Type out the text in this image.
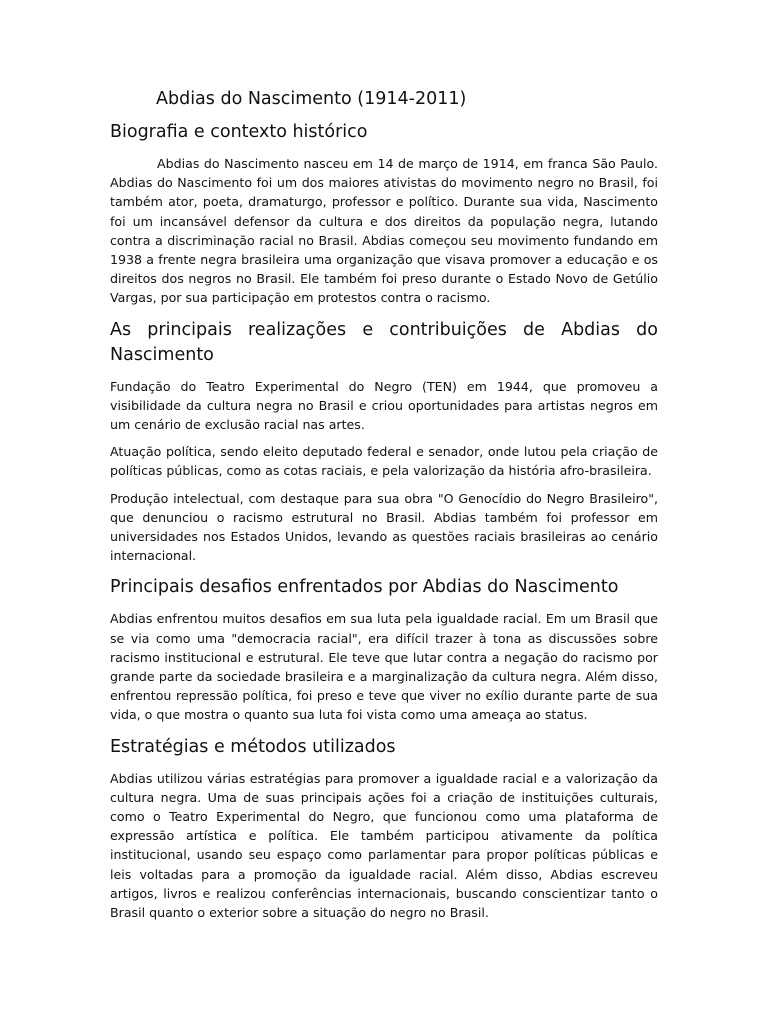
Abdias do Nascimento (1914-2011)
Biografia e contexto histórico

Abdias do Nascimento nasceu em 14 de março de 1914, em franca São Paulo. Abdias do Nascimento foi um dos maiores ativistas do movimento negro no Brasil, foi também ator, poeta, dramaturgo, professor e político. Durante sua vida, Nascimento foi um incansável defensor da cultura e dos direitos da população negra, lutando contra a discriminação racial no Brasil. Abdias começou seu movimento fundando em 1938 a frente negra brasileira uma organização que visava promover a educação e os direitos dos negros no Brasil. Ele também foi preso durante o Estado Novo de Getúlio Vargas, por sua participação em protestos contra o racismo.

As principais realizações e contribuições de Abdias do Nascimento

Fundação do Teatro Experimental do Negro (TEN) em 1944, que promoveu a visibilidade da cultura negra no Brasil e criou oportunidades para artistas negros em um cenário de exclusão racial nas artes.

Atuação política, sendo eleito deputado federal e senador, onde lutou pela criação de políticas públicas, como as cotas raciais, e pela valorização da história afro-brasileira.

Produção intelectual, com destaque para sua obra "O Genocídio do Negro Brasileiro", que denunciou o racismo estrutural no Brasil. Abdias também foi professor em universidades nos Estados Unidos, levando as questões raciais brasileiras ao cenário internacional.

Principais desafios enfrentados por Abdias do Nascimento

Abdias enfrentou muitos desafios em sua luta pela igualdade racial. Em um Brasil que se via como uma "democracia racial", era difícil trazer à tona as discussões sobre racismo institucional e estrutural. Ele teve que lutar contra a negação do racismo por grande parte da sociedade brasileira e a marginalização da cultura negra. Além disso, enfrentou repressão política, foi preso e teve que viver no exílio durante parte de sua vida, o que mostra o quanto sua luta foi vista como uma ameaça ao status.

Estratégias e métodos utilizados

Abdias utilizou várias estratégias para promover a igualdade racial e a valorização da cultura negra. Uma de suas principais ações foi a criação de instituições culturais, como o Teatro Experimental do Negro, que funcionou como uma plataforma de expressão artística e política. Ele também participou ativamente da política institucional, usando seu espaço como parlamentar para propor políticas públicas e leis voltadas para a promoção da igualdade racial. Além disso, Abdias escreveu artigos, livros e realizou conferências internacionais, buscando conscientizar tanto o Brasil quanto o exterior sobre a situação do negro no Brasil.
